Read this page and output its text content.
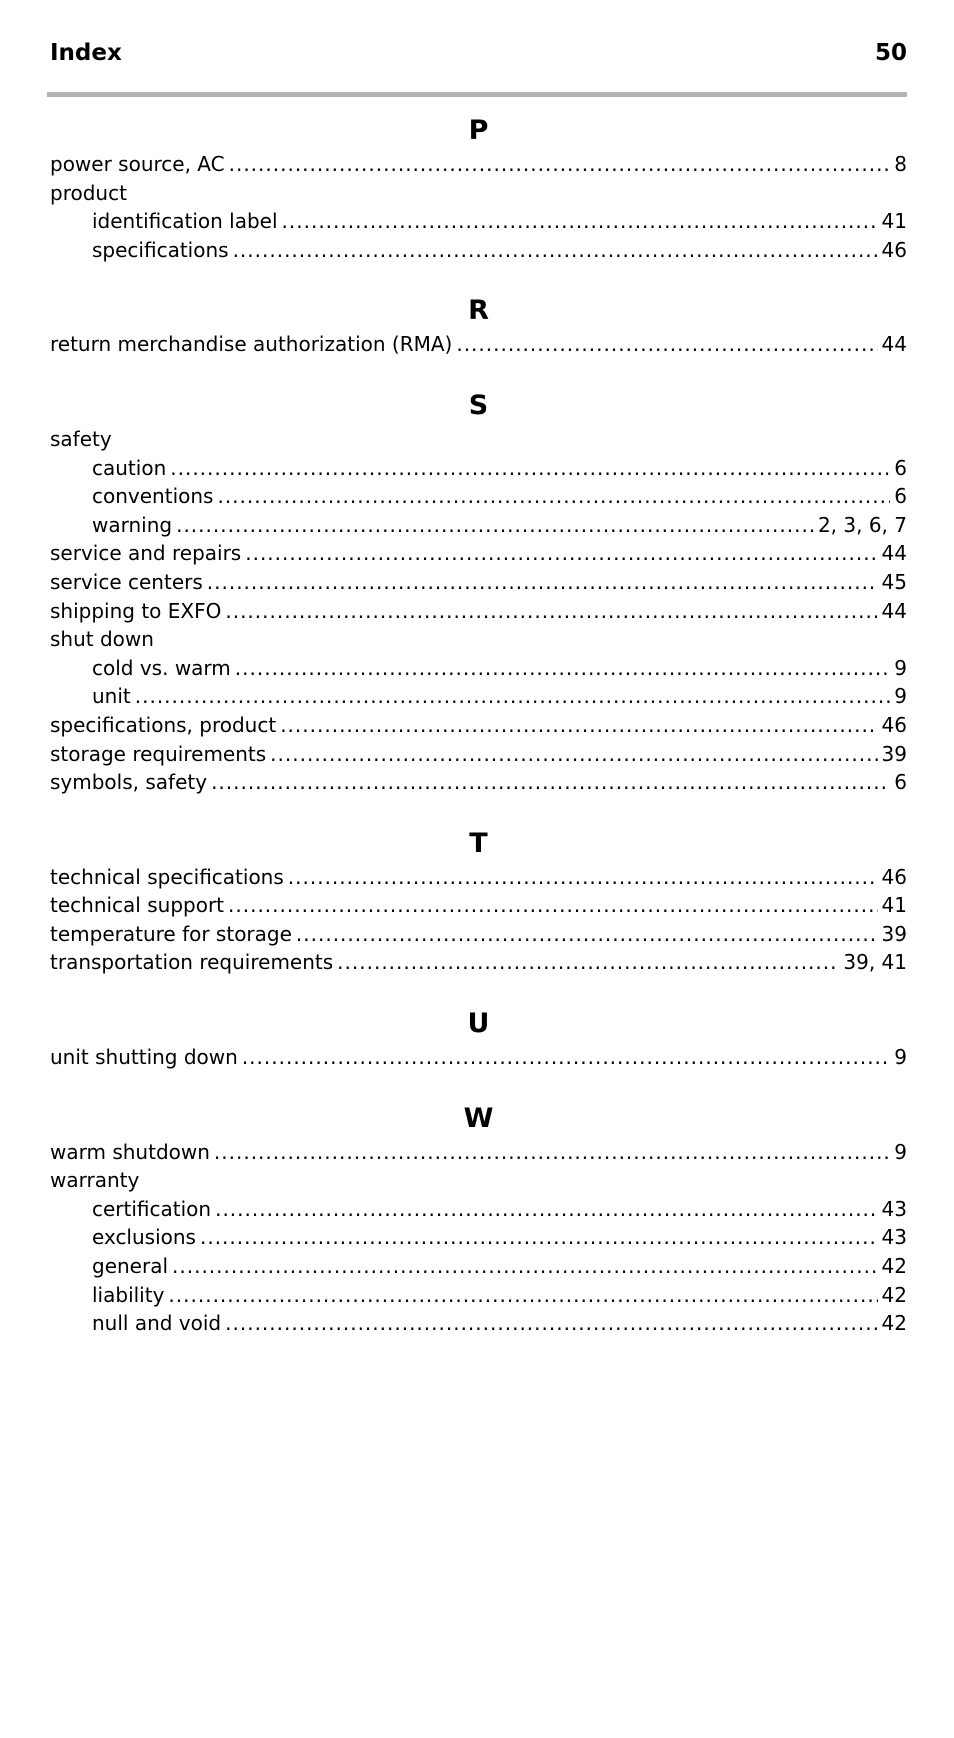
Index	50
P
power source, AC .....	8
product
identification label .....	41
specifications .....	46
R
return merchandise authorization (RMA) .....	44
S
safety
caution .....	6
conventions .....	6
warning .....	2, 3, 6, 7
service and repairs .....	44
service centers .....	45
shipping to EXFO .....	44
shut down
cold vs. warm .....	9
unit .....	9
specifications, product .....	46
storage requirements .....	39
symbols, safety .....	6
T
technical specifications .....	46
technical support .....	41
temperature for storage .....	39
transportation requirements .....	39, 41
U
unit shutting down .....	9
W
warm shutdown .....	9
warranty
certification .....	43
exclusions .....	43
general .....	42
liability .....	42
null and void .....	42
